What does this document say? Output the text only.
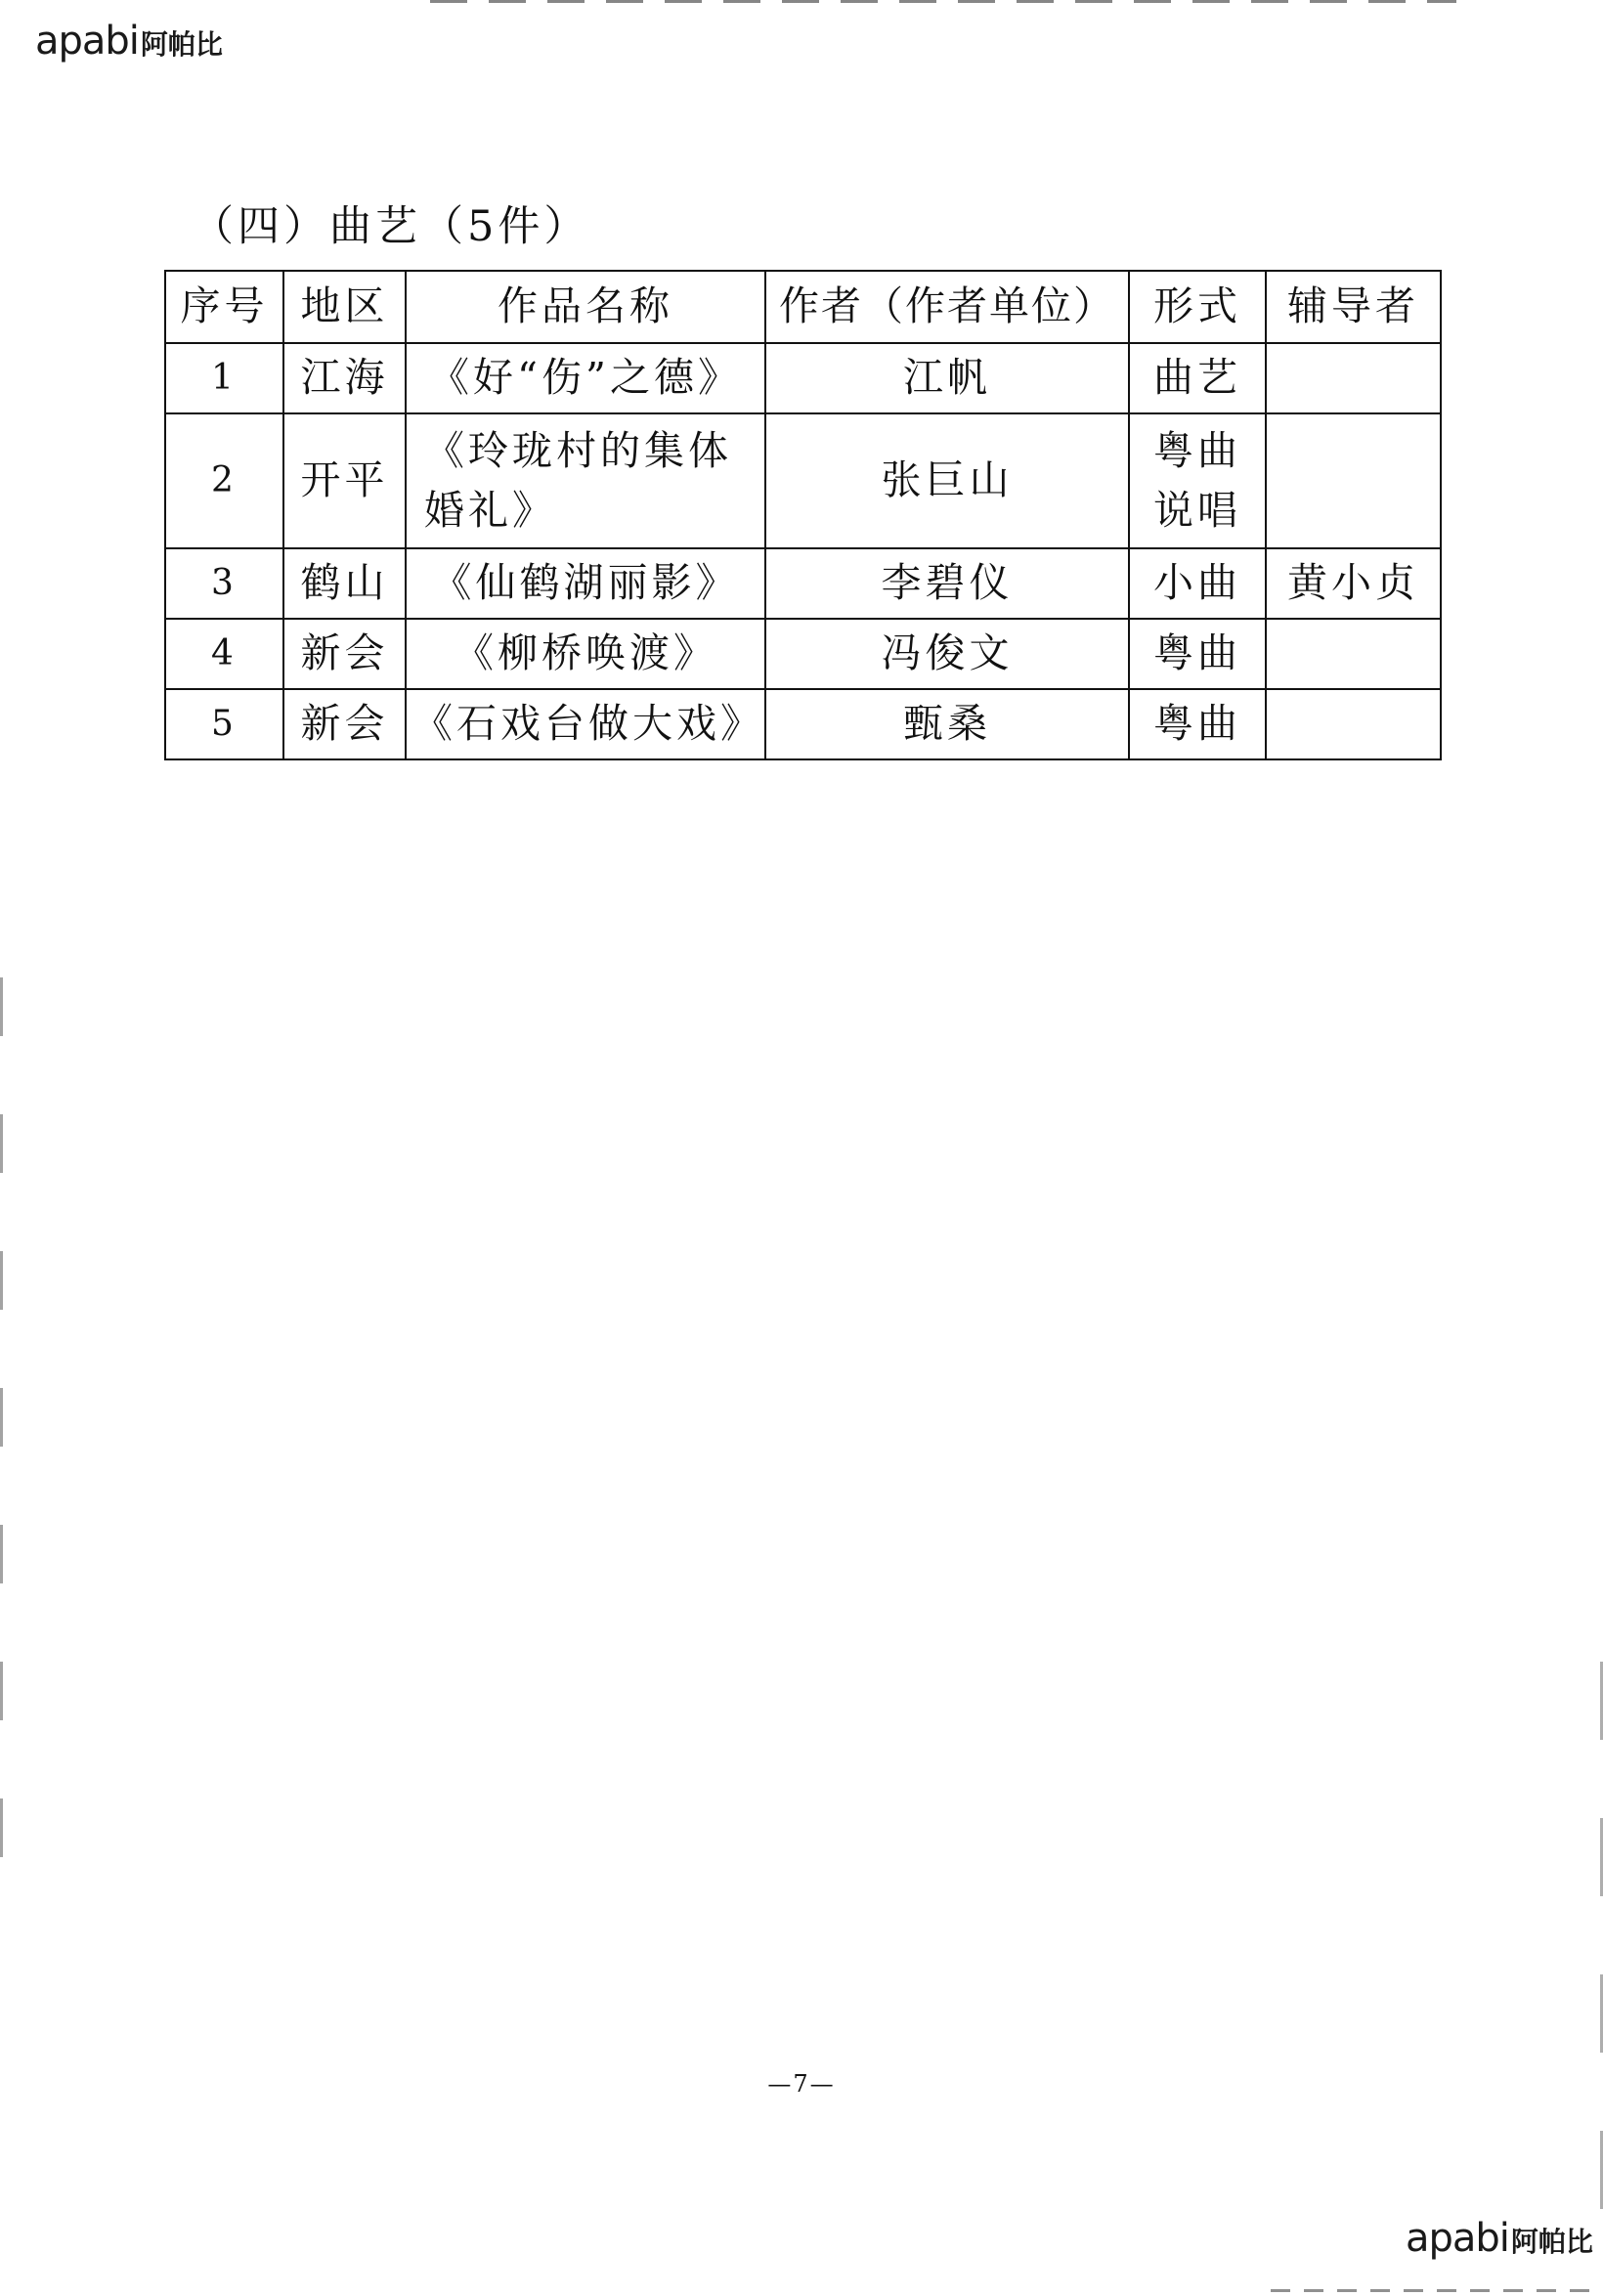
apabi 阿帕比
（四）曲艺（5件）
序号	地区	作品名称	作者（作者单位）	形式	辅导者
1	江海	《好“伤”之德》	江帆	曲艺	
2	开平	《玲珑村的集体婚礼》	张巨山	粤曲说唱	
3	鹤山	《仙鹤湖丽影》	李碧仪	小曲	黄小贞
4	新会	《柳桥唤渡》	冯俊文	粤曲	
5	新会	《石戏台做大戏》	甄桑	粤曲	
—7—
apabi 阿帕比
